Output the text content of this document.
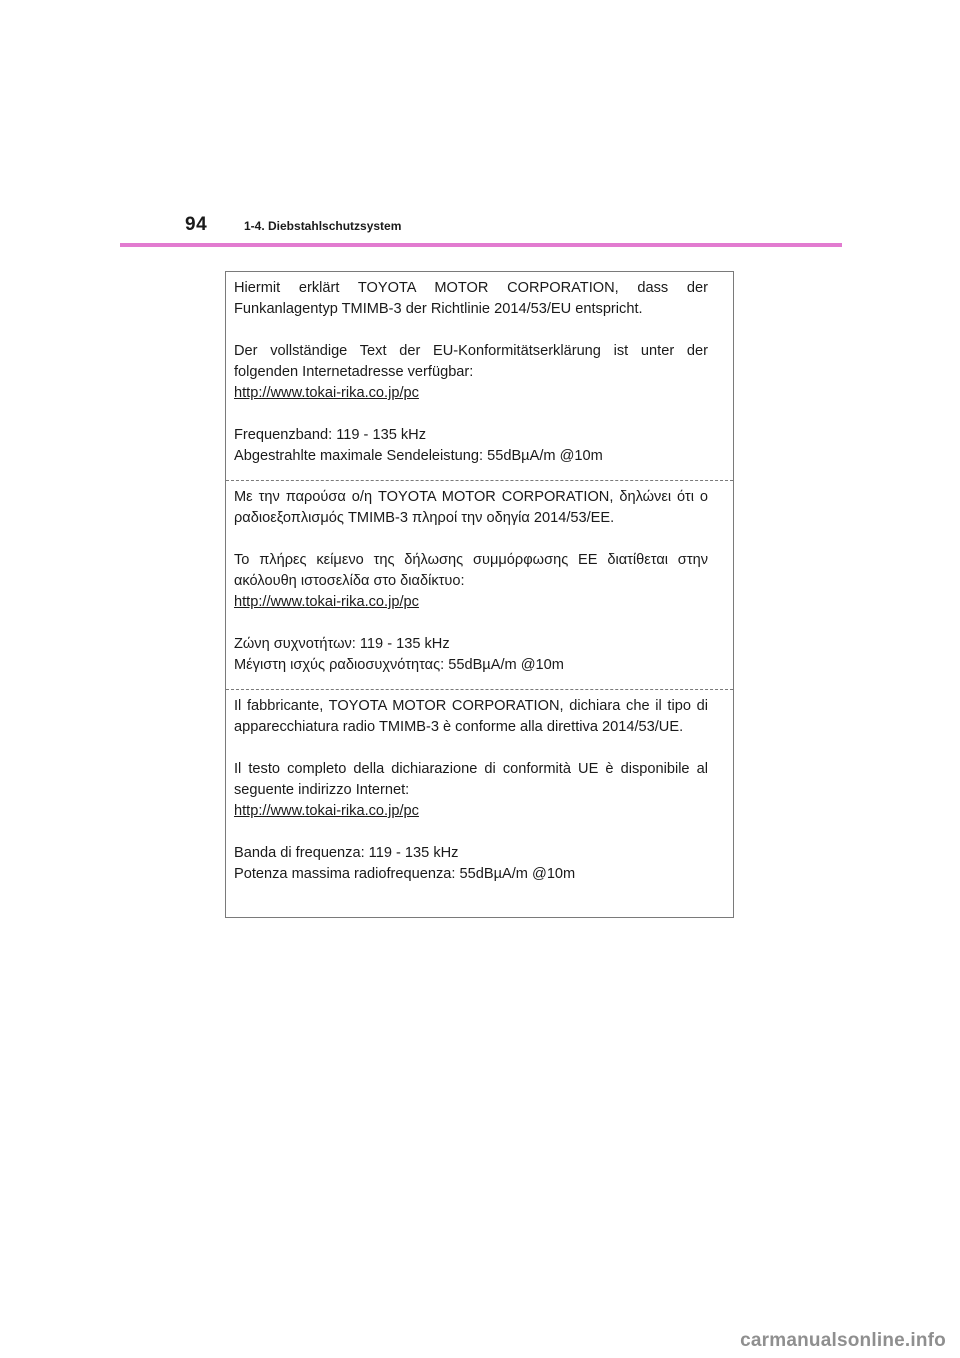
94	1-4. Diebstahlschutzsystem

Hiermit erklärt TOYOTA MOTOR CORPORATION, dass der Funkanlagentyp TMIMB-3 der Richtlinie 2014/53/EU entspricht.

Der vollständige Text der EU-Konformitätserklärung ist unter der folgenden Internetadresse verfügbar:

http://www.tokai-rika.co.jp/pc

Frequenzband: 119 - 135 kHz

Abgestrahlte maximale Sendeleistung: 55dBµA/m @10m

Με την παρούσα ο/η TOYOTA MOTOR CORPORATION, δηλώνει ότι ο ραδιοεξοπλισμός TMIMB-3 πληροί την οδηγία 2014/53/ΕΕ.

Το πλήρες κείμενο της δήλωσης συμμόρφωσης ΕΕ διατίθεται στην ακόλουθη ιστοσελίδα στο διαδίκτυο:

http://www.tokai-rika.co.jp/pc

Ζώνη συχνοτήτων: 119 - 135 kHz

Μέγιστη ισχύς ραδιοσυχνότητας: 55dBµA/m @10m

Il fabbricante, TOYOTA MOTOR CORPORATION, dichiara che il tipo di apparecchiatura radio TMIMB-3 è conforme alla direttiva 2014/53/UE.

Il testo completo della dichiarazione di conformità UE è disponibile al seguente indirizzo Internet:

http://www.tokai-rika.co.jp/pc

Banda di frequenza: 119 - 135 kHz

Potenza massima radiofrequenza: 55dBµA/m @10m

carmanualsonline.info
